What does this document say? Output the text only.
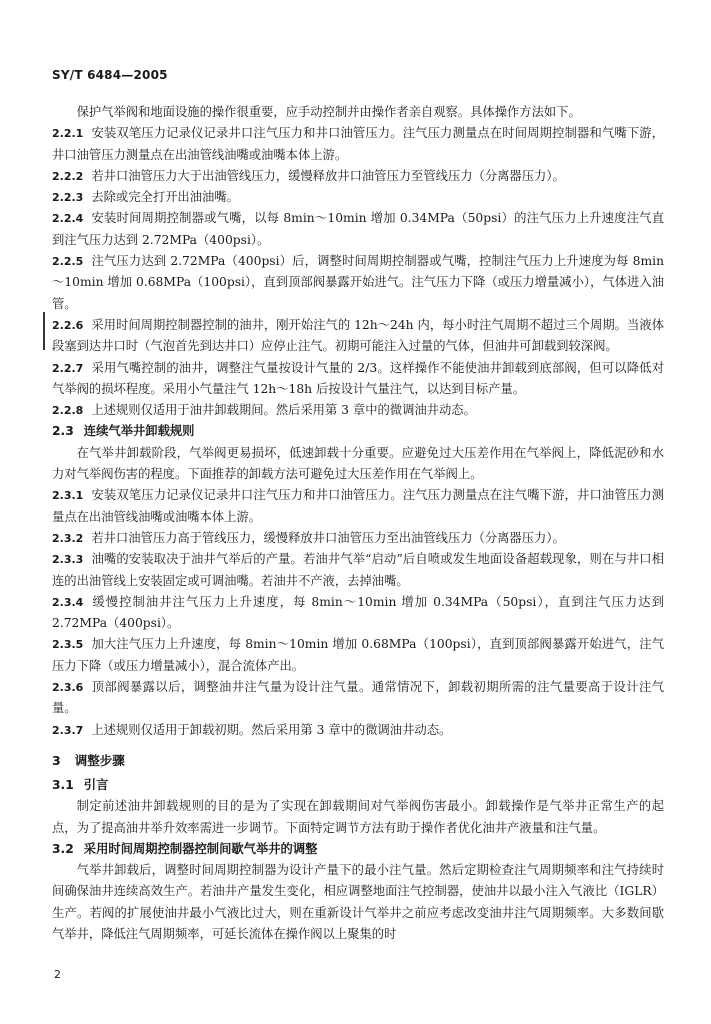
SY/T 6484—2005

保护气举阀和地面设施的操作很重要，应手动控制并由操作者亲自观察。具体操作方法如下。

2.2.1 安装双笔压力记录仪记录井口注气压力和井口油管压力。注气压力测量点在时间周期控制器和气嘴下游，井口油管压力测量点在出油管线油嘴或油嘴本体上游。

2.2.2 若井口油管压力大于出油管线压力，缓慢释放井口油管压力至管线压力（分离器压力）。

2.2.3 去除或完全打开出油油嘴。

2.2.4 安装时间周期控制器或气嘴，以每 8min～10min 增加 0.34MPa（50psi）的注气压力上升速度注气直到注气压力达到 2.72MPa（400psi）。

2.2.5 注气压力达到 2.72MPa（400psi）后，调整时间周期控制器或气嘴，控制注气压力上升速度为每 8min～10min 增加 0.68MPa（100psi），直到顶部阀暴露开始进气。注气压力下降（或压力增量减小），气体进入油管。

2.2.6 采用时间周期控制器控制的油井，刚开始注气的 12h～24h 内，每小时注气周期不超过三个周期。当液体段塞到达井口时（气泡首先到达井口）应停止注气。初期可能注入过量的气体，但油井可卸载到较深阀。

2.2.7 采用气嘴控制的油井，调整注气量按设计气量的 2/3。这样操作不能使油井卸载到底部阀，但可以降低对气举阀的损坏程度。采用小气量注气 12h～18h 后按设计气量注气，以达到目标产量。

2.2.8 上述规则仅适用于油井卸载期间。然后采用第 3 章中的微调油井动态。

2.3 连续气举井卸载规则

在气举井卸载阶段，气举阀更易损坏，低速卸载十分重要。应避免过大压差作用在气举阀上，降低泥砂和水力对气举阀伤害的程度。下面推荐的卸载方法可避免过大压差作用在气举阀上。

2.3.1 安装双笔压力记录仪记录井口注气压力和井口油管压力。注气压力测量点在注气嘴下游，井口油管压力测量点在出油管线油嘴或油嘴本体上游。

2.3.2 若井口油管压力高于管线压力，缓慢释放井口油管压力至出油管线压力（分离器压力）。

2.3.3 油嘴的安装取决于油井气举后的产量。若油井气举“启动”后自喷或发生地面设备超载现象，则在与井口相连的出油管线上安装固定或可调油嘴。若油井不产液，去掉油嘴。

2.3.4 缓慢控制油井注气压力上升速度，每 8min～10min 增加 0.34MPa（50psi），直到注气压力达到 2.72MPa（400psi）。

2.3.5 加大注气压力上升速度，每 8min～10min 增加 0.68MPa（100psi），直到顶部阀暴露开始进气，注气压力下降（或压力增量减小），混合流体产出。

2.3.6 顶部阀暴露以后，调整油井注气量为设计注气量。通常情况下，卸载初期所需的注气量要高于设计注气量。

2.3.7 上述规则仅适用于卸载初期。然后采用第 3 章中的微调油井动态。

3 调整步骤

3.1 引言

制定前述油井卸载规则的目的是为了实现在卸载期间对气举阀伤害最小。卸载操作是气举井正常生产的起点，为了提高油井举升效率需进一步调节。下面特定调节方法有助于操作者优化油井产液量和注气量。

3.2 采用时间周期控制器控制间歇气举井的调整

气举井卸载后，调整时间周期控制器为设计产量下的最小注气量。然后定期检查注气周期频率和注气持续时间确保油井连续高效生产。若油井产量发生变化，相应调整地面注气控制器，使油井以最小注入气液比（IGLR）生产。若阀的扩展使油井最小气液比过大，则在重新设计气举井之前应考虑改变油井注气周期频率。大多数间歇气举井，降低注气周期频率，可延长流体在操作阀以上聚集的时

2
